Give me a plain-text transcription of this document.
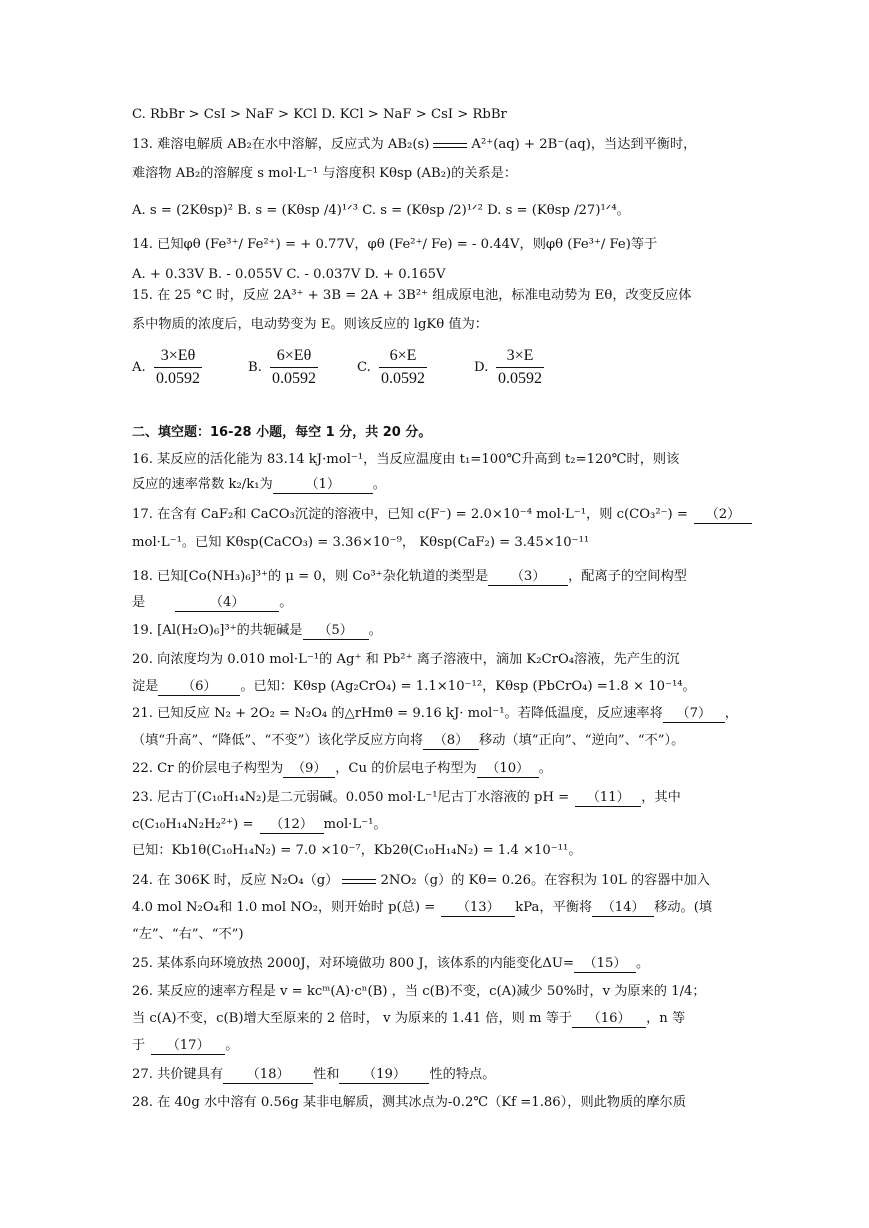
C. RbBr > CsI > NaF > KCl D. KCl > NaF > CsI > RbBr
13. 难溶电解质 AB₂在水中溶解，反应式为 AB₂(s)	A²⁺(aq) + 2B⁻(aq)，当达到平衡时，
难溶物 AB₂的溶解度 s mol·L⁻¹ 与溶度积 Kθsp (AB₂)的关系是：
A. s = (2Kθsp)² B. s = (Kθsp /4)¹ᐟ³ C. s = (Kθsp /2)¹ᐟ² D. s = (Kθsp /27)¹ᐟ⁴。
14. 已知φθ (Fe³⁺/ Fe²⁺) = + 0.77V，φθ (Fe²⁺/ Fe) = - 0.44V，则φθ (Fe³⁺/ Fe)等于
A. + 0.33V B. - 0.055V C. - 0.037V D. + 0.165V
15. 在 25 °C 时，反应 2A³⁺ + 3B = 2A + 3B²⁺ 组成原电池，标准电动势为 Eθ，改变反应体
系中物质的浓度后，电动势变为 E。则该反应的 lgKθ 值为：
A.
3×Eθ
0.0592
B.
6×Eθ
0.0592
C.
6×E
0.0592
D.
3×E
0.0592
二、填空题：16-28 小题，每空 1 分，共 20 分。
16. 某反应的活化能为 83.14 kJ·mol⁻¹，当反应温度由 t₁=100℃升高到 t₂=120℃时，则该
反应的速率常数 k₂/k₁为 （1） 。
17. 在含有 CaF₂和 CaCO₃沉淀的溶液中，已知 c(F⁻) = 2.0×10⁻⁴ mol·L⁻¹，则 c(CO₃²⁻) = （2）
mol·L⁻¹。已知 Kθsp(CaCO₃) = 3.36×10⁻⁹， Kθsp(CaF₂) = 3.45×10⁻¹¹
18. 已知[Co(NH₃)₆]³⁺的 μ = 0，则 Co³⁺杂化轨道的类型是 （3） ，配离子的空间构型
是	（4）	。
19. [Al(H₂O)₆]³⁺的共轭碱是 （5） 。
20. 向浓度均为 0.010 mol·L⁻¹的 Ag⁺ 和 Pb²⁺ 离子溶液中，滴加 K₂CrO₄溶液，先产生的沉
淀是 （6） 。已知：Kθsp (Ag₂CrO₄) = 1.1×10⁻¹²，Kθsp (PbCrO₄) =1.8 × 10⁻¹⁴。
21. 已知反应 N₂ + 2O₂ = N₂O₄ 的△rHmθ = 9.16 kJ· mol⁻¹。若降低温度，反应速率将 （7） ，
（填“升高”、“降低”、“不变”）该化学反应方向将 （8） 移动（填“正向”、“逆向”、“不”）。
22. Cr 的价层电子构型为 （9） ，Cu 的价层电子构型为 （10） 。
23. 尼古丁(C₁₀H₁₄N₂)是二元弱碱。0.050 mol·L⁻¹尼古丁水溶液的 pH = （11） ，其中
c(C₁₀H₁₄N₂H₂²⁺) = （12） mol·L⁻¹。
已知：Kb1θ(C₁₀H₁₄N₂) = 7.0 ×10⁻⁷，Kb2θ(C₁₀H₁₄N₂) = 1.4 ×10⁻¹¹。
24. 在 306K 时，反应 N₂O₄（g）	2NO₂（g）的 Kθ= 0.26。在容积为 10L 的容器中加入
4.0 mol N₂O₄和 1.0 mol NO₂，则开始时 p(总) = （13） kPa，平衡将 （14） 移动。(填
“左”、“右”、“不”)
25. 某体系向环境放热 2000J，对环境做功 800 J，该体系的内能变化ΔU= （15） 。
26. 某反应的速率方程是 v = kcᵐ(A)·cⁿ(B) ，当 c(B)不变，c(A)减少 50%时，v 为原来的 1/4；
当 c(A)不变，c(B)增大至原来的 2 倍时， v 为原来的 1.41 倍，则 m 等于 （16） ，n 等
于 （17） 。
27. 共价键具有 （18） 性和 （19） 性的特点。
28. 在 40g 水中溶有 0.56g 某非电解质，测其冰点为-0.2℃（Kf =1.86），则此物质的摩尔质
